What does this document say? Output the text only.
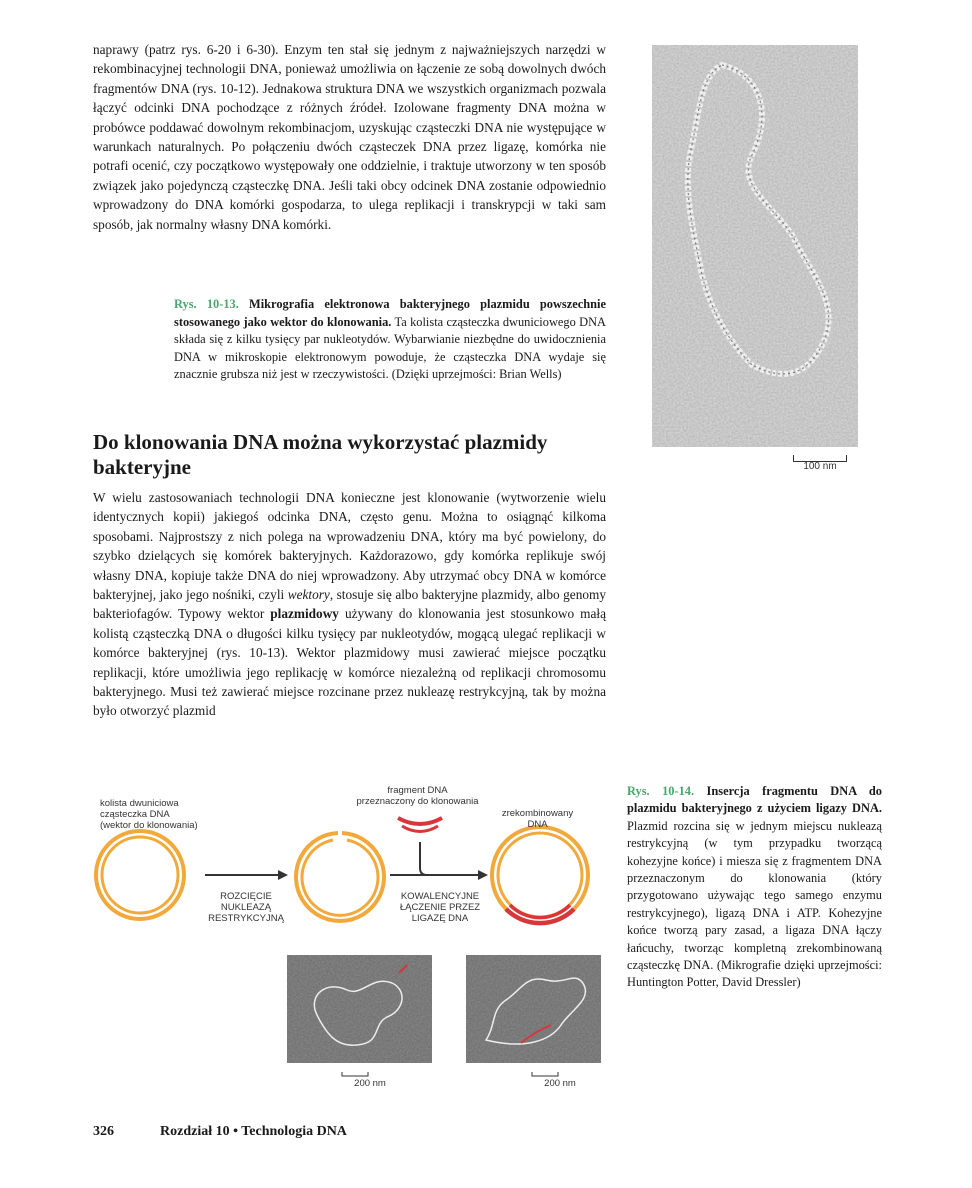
naprawy (patrz rys. 6-20 i 6-30). Enzym ten stał się jednym z najważniejszych narzędzi w rekombinacyjnej technologii DNA, ponieważ umożliwia on łączenie ze sobą dowolnych dwóch fragmentów DNA (rys. 10-12). Jednakowa struktura DNA we wszystkich organizmach pozwala łączyć odcinki DNA pochodzące z różnych źródeł. Izolowane fragmenty DNA można w probówce poddawać dowolnym rekombinacjom, uzyskując cząsteczki DNA nie występujące w warunkach naturalnych. Po połączeniu dwóch cząsteczek DNA przez ligazę, komórka nie potrafi ocenić, czy początkowo występowały one oddzielnie, i traktuje utworzony w ten sposób związek jako pojedynczą cząsteczkę DNA. Jeśli taki obcy odcinek DNA zostanie odpowiednio wprowadzony do DNA komórki gospodarza, to ulega replikacji i transkrypcji w taki sam sposób, jak normalny własny DNA komórki.

Rys. 10-13. Mikrografia elektronowa bakteryjnego plazmidu powszechnie stosowanego jako wektor do klonowania. Ta kolista cząsteczka dwuniciowego DNA składa się z kilku tysięcy par nukleotydów. Wybarwianie niezbędne do uwidocznienia DNA w mikroskopie elektronowym powoduje, że cząsteczka DNA wydaje się znacznie grubsza niż jest w rzeczywistości. (Dzięki uprzejmości: Brian Wells)

100 nm
Do klonowania DNA można wykorzystać plazmidy bakteryjne

W wielu zastosowaniach technologii DNA konieczne jest klonowanie (wytworzenie wielu identycznych kopii) jakiegoś odcinka DNA, często genu. Można to osiągnąć kilkoma sposobami. Najprostszy z nich polega na wprowadzeniu DNA, który ma być powielony, do szybko dzielących się komórek bakteryjnych. Każdorazowo, gdy komórka replikuje swój własny DNA, kopiuje także DNA do niej wprowadzony. Aby utrzymać obcy DNA w komórce bakteryjnej, jako jego nośniki, czyli wektory, stosuje się albo bakteryjne plazmidy, albo genomy bakteriofagów. Typowy wektor plazmidowy używany do klonowania jest stosunkowo małą kolistą cząsteczką DNA o długości kilku tysięcy par nukleotydów, mogącą ulegać replikacji w komórce bakteryjnej (rys. 10-13). Wektor plazmidowy musi zawierać miejsce początku replikacji, które umożliwia jego replikację w komórce niezależną od replikacji chromosomu bakteryjnego. Musi też zawierać miejsce rozcinane przez nukleazę restrykcyjną, tak by można było otworzyć plazmid

kolista dwuniciowa
cząsteczka DNA
(wektor do klonowania)
fragment DNA
przeznaczony do klonowania
zrekombinowany
DNA
ROZCIĘCIE
NUKLEAZĄ
RESTRYKCYJNĄ
KOWALENCYJNE
ŁĄCZENIE PRZEZ
LIGAZĘ DNA
200 nm	200 nm

Rys. 10-14. Insercja fragmentu DNA do plazmidu bakteryjnego z użyciem ligazy DNA. Plazmid rozcina się w jednym miejscu nukleazą restrykcyjną (w tym przypadku tworzącą kohezyjne końce) i miesza się z fragmentem DNA przeznaczonym do klonowania (który przygotowano używając tego samego enzymu restrykcyjnego), ligazą DNA i ATP. Kohezyjne końce tworzą pary zasad, a ligaza DNA łączy łańcuchy, tworząc kompletną zrekombinowaną cząsteczkę DNA. (Mikrografie dzięki uprzejmości: Huntington Potter, David Dressler)

326	Rozdział 10 • Technologia DNA
